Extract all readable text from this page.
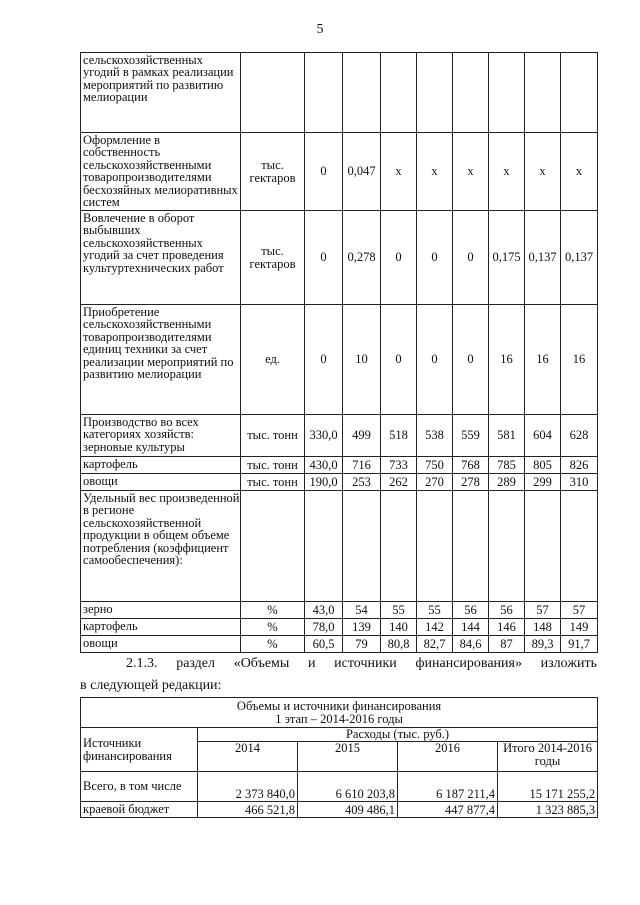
5
сельскохозяйственных угодий в рамках реализации мероприятий по развитию мелиорации									
Оформление в собственность сельскохозяйственными товаропроизводителями бесхозяйных мелиоративных систем	тыс. гектаров	0	0,047	x	x	x	x	x	x
Вовлечение в оборот выбывших сельскохозяйственных угодий за счет проведения культуртехнических работ	тыс. гектаров	0	0,278	0	0	0	0,175	0,137	0,137
Приобретение сельскохозяйственными товаропроизводителями единиц техники за счет реализации мероприятий по развитию мелиорации	ед.	0	10	0	0	0	16	16	16
Производство во всех категориях хозяйств: зерновые культуры	тыс. тонн	330,0	499	518	538	559	581	604	628
картофель	тыс. тонн	430,0	716	733	750	768	785	805	826
овощи	тыс. тонн	190,0	253	262	270	278	289	299	310
Удельный вес произведенной в регионе сельскохозяйственной продукции в общем объеме потребления (коэффициент самообеспечения):									
зерно	%	43,0	54	55	55	56	56	57	57
картофель	%	78,0	139	140	142	144	146	148	149
овощи	%	60,5	79	80,8	82,7	84,6	87	89,3	91,7
2.1.3. раздел «Объемы и источники финансирования» изложить
в следующей редакции:
Объемы и источники финансирования
1 этап – 2014-2016 годы				

Источники финансирования	Расходы (тыс. руб.)			
	2014	2015	2016	Итого 2014-2016 годы
Всего, в том числе	2 373 840,0	6 610 203,8	6 187 211,4	15 171 255,2
краевой бюджет	466 521,8	409 486,1	447 877,4	1 323 885,3
